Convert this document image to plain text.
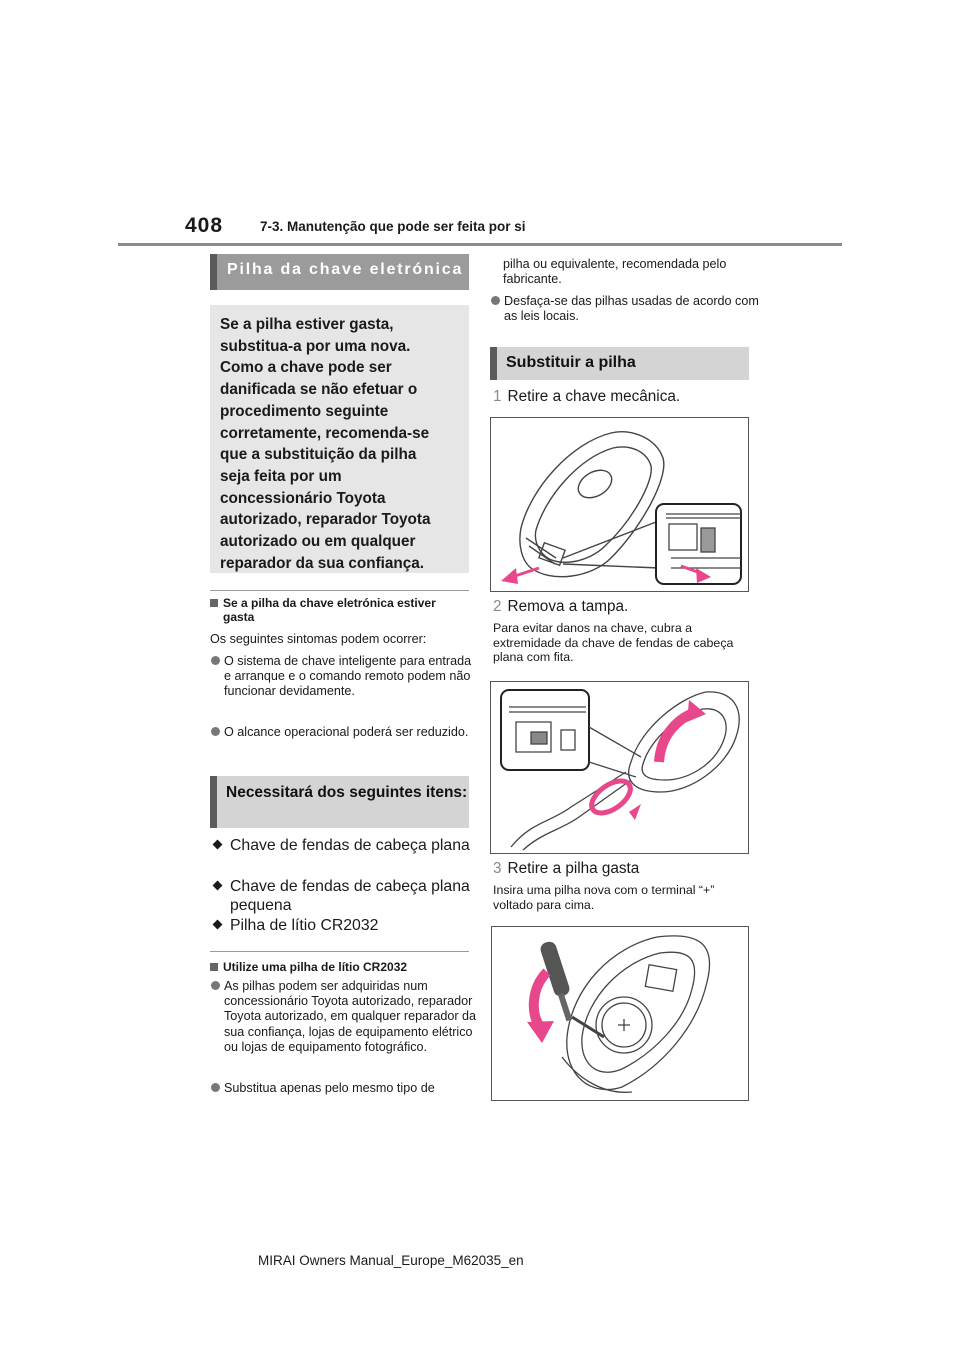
408	7-3. Manutenção que pode ser feita por si
Pilha da chave eletrónica
Se a pilha estiver gasta,
substitua-a por uma nova.
Como a chave pode ser
danificada se não efetuar o
procedimento seguinte
corretamente, recomenda-se
que a substituição da pilha
seja feita por um
concessionário Toyota
autorizado, reparador Toyota
autorizado ou em qualquer
reparador da sua confiança.
Se a pilha da chave eletrónica estiver gasta
Os seguintes sintomas podem ocorrer:
O sistema de chave inteligente para entrada e arranque e o comando remoto podem não funcionar devidamente.
O alcance operacional poderá ser reduzido.
Necessitará dos seguintes itens:
Chave de fendas de cabeça plana
Chave de fendas de cabeça plana pequena
Pilha de lítio CR2032
Utilize uma pilha de lítio CR2032
As pilhas podem ser adquiridas num concessionário Toyota autorizado, reparador Toyota autorizado, em qualquer reparador da sua confiança, lojas de equipamento elétrico ou lojas de equipamento fotográfico.
Substitua apenas pelo mesmo tipo de
pilha ou equivalente, recomendada pelo fabricante.
Desfaça-se das pilhas usadas de acordo com as leis locais.
Substituir a pilha
1 Retire a chave mecânica.
2 Remova a tampa.
Para evitar danos na chave, cubra a extremidade da chave de fendas de cabeça plana com fita.
3 Retire a pilha gasta
Insira uma pilha nova com o terminal “+” voltado para cima.
MIRAI Owners Manual_Europe_M62035_en
